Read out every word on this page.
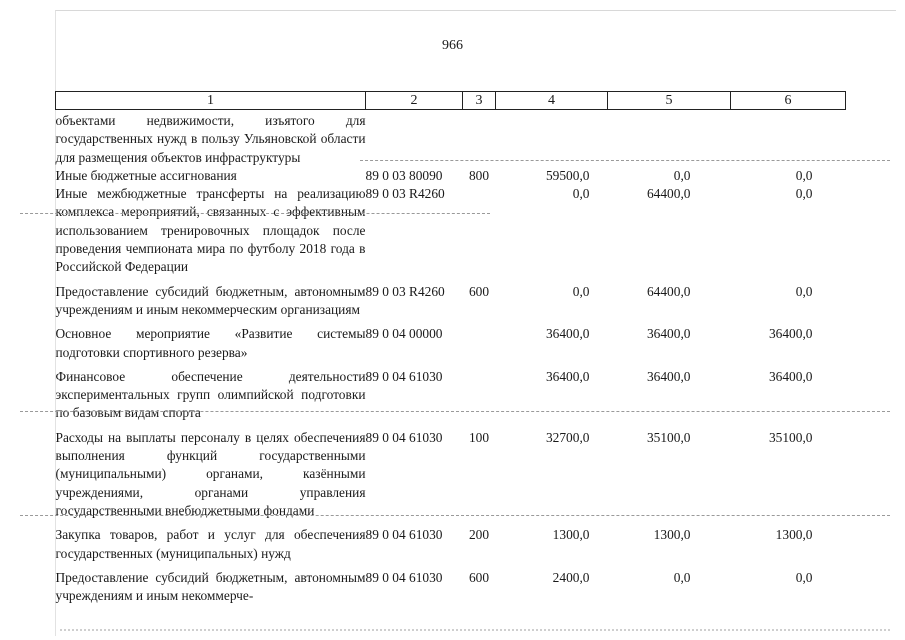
966
1	2	3	4	5	6
объектами недвижимости, изъятого для государственных нужд в пользу Ульяновской области для размещения объектов инфраструктуры					
Иные бюджетные ассигнования	89 0 03 80090	800	59500,0	0,0	0,0
Иные межбюджетные трансферты на реализацию комплекса мероприятий, связанных с эффективным использованием тренировочных площадок после проведения чемпионата мира по футболу 2018 года в Российской Федерации	89 0 03 R4260		0,0	64400,0	0,0

Предоставление субсидий бюджетным, автономным учреждениям и иным некоммерческим организациям	89 0 03 R4260	600	0,0	64400,0	0,0

Основное мероприятие «Развитие системы подготовки спортивного резерва»	89 0 04 00000		36400,0	36400,0	36400,0

Финансовое обеспечение деятельности экспериментальных групп олимпийской подготовки по базовым видам спорта	89 0 04 61030		36400,0	36400,0	36400,0

Расходы на выплаты персоналу в целях обеспечения выполнения функций государственными (муниципальными) органами, казёнными учреждениями, органами управления государственными внебюджетными фондами	89 0 04 61030	100	32700,0	35100,0	35100,0

Закупка товаров, работ и услуг для обеспечения государственных (муниципальных) нужд	89 0 04 61030	200	1300,0	1300,0	1300,0

Предоставление субсидий бюджетным, автономным учреждениям и иным некоммерче-	89 0 04 61030	600	2400,0	0,0	0,0
